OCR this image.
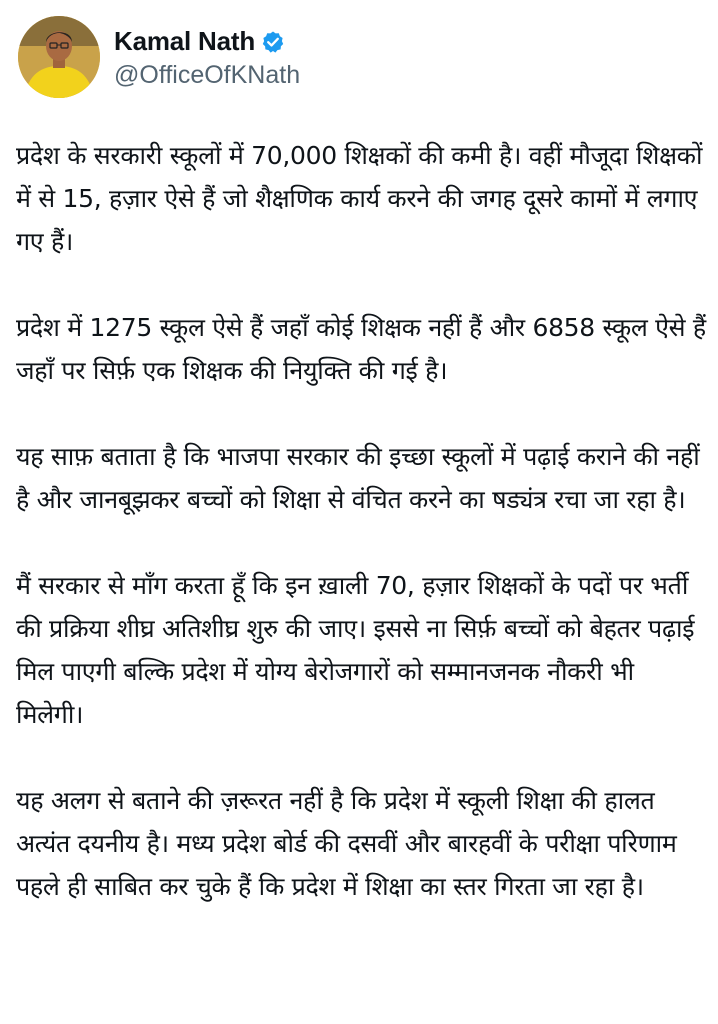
Kamal Nath
@OfficeOfKNath

प्रदेश के सरकारी स्कूलों में 70,000 शिक्षकों की कमी है। वहीं मौजूदा शिक्षकों में से 15, हज़ार ऐसे हैं जो शैक्षणिक कार्य करने की जगह दूसरे कामों में लगाए गए हैं।

प्रदेश में 1275 स्कूल ऐसे हैं जहाँ कोई शिक्षक नहीं हैं और 6858 स्कूल ऐसे हैं जहाँ पर सिर्फ़ एक शिक्षक की नियुक्ति की गई है।

यह साफ़ बताता है कि भाजपा सरकार की इच्छा स्कूलों में पढ़ाई कराने की नहीं है और जानबूझकर बच्चों को शिक्षा से वंचित करने का षड्यंत्र रचा जा रहा है।

मैं सरकार से माँग करता हूँ कि इन ख़ाली 70, हज़ार शिक्षकों के पदों पर भर्ती की प्रक्रिया शीघ्र अतिशीघ्र शुरु की जाए। इससे ना सिर्फ़ बच्चों को बेहतर पढ़ाई मिल पाएगी बल्कि प्रदेश में योग्य बेरोजगारों को सम्मानजनक नौकरी भी मिलेगी।

यह अलग से बताने की ज़रूरत नहीं है कि प्रदेश में स्कूली शिक्षा की हालत अत्यंत दयनीय है। मध्य प्रदेश बोर्ड की दसवीं और बारहवीं के परीक्षा परिणाम पहले ही साबित कर चुके हैं कि प्रदेश में शिक्षा का स्तर गिरता जा रहा है।
